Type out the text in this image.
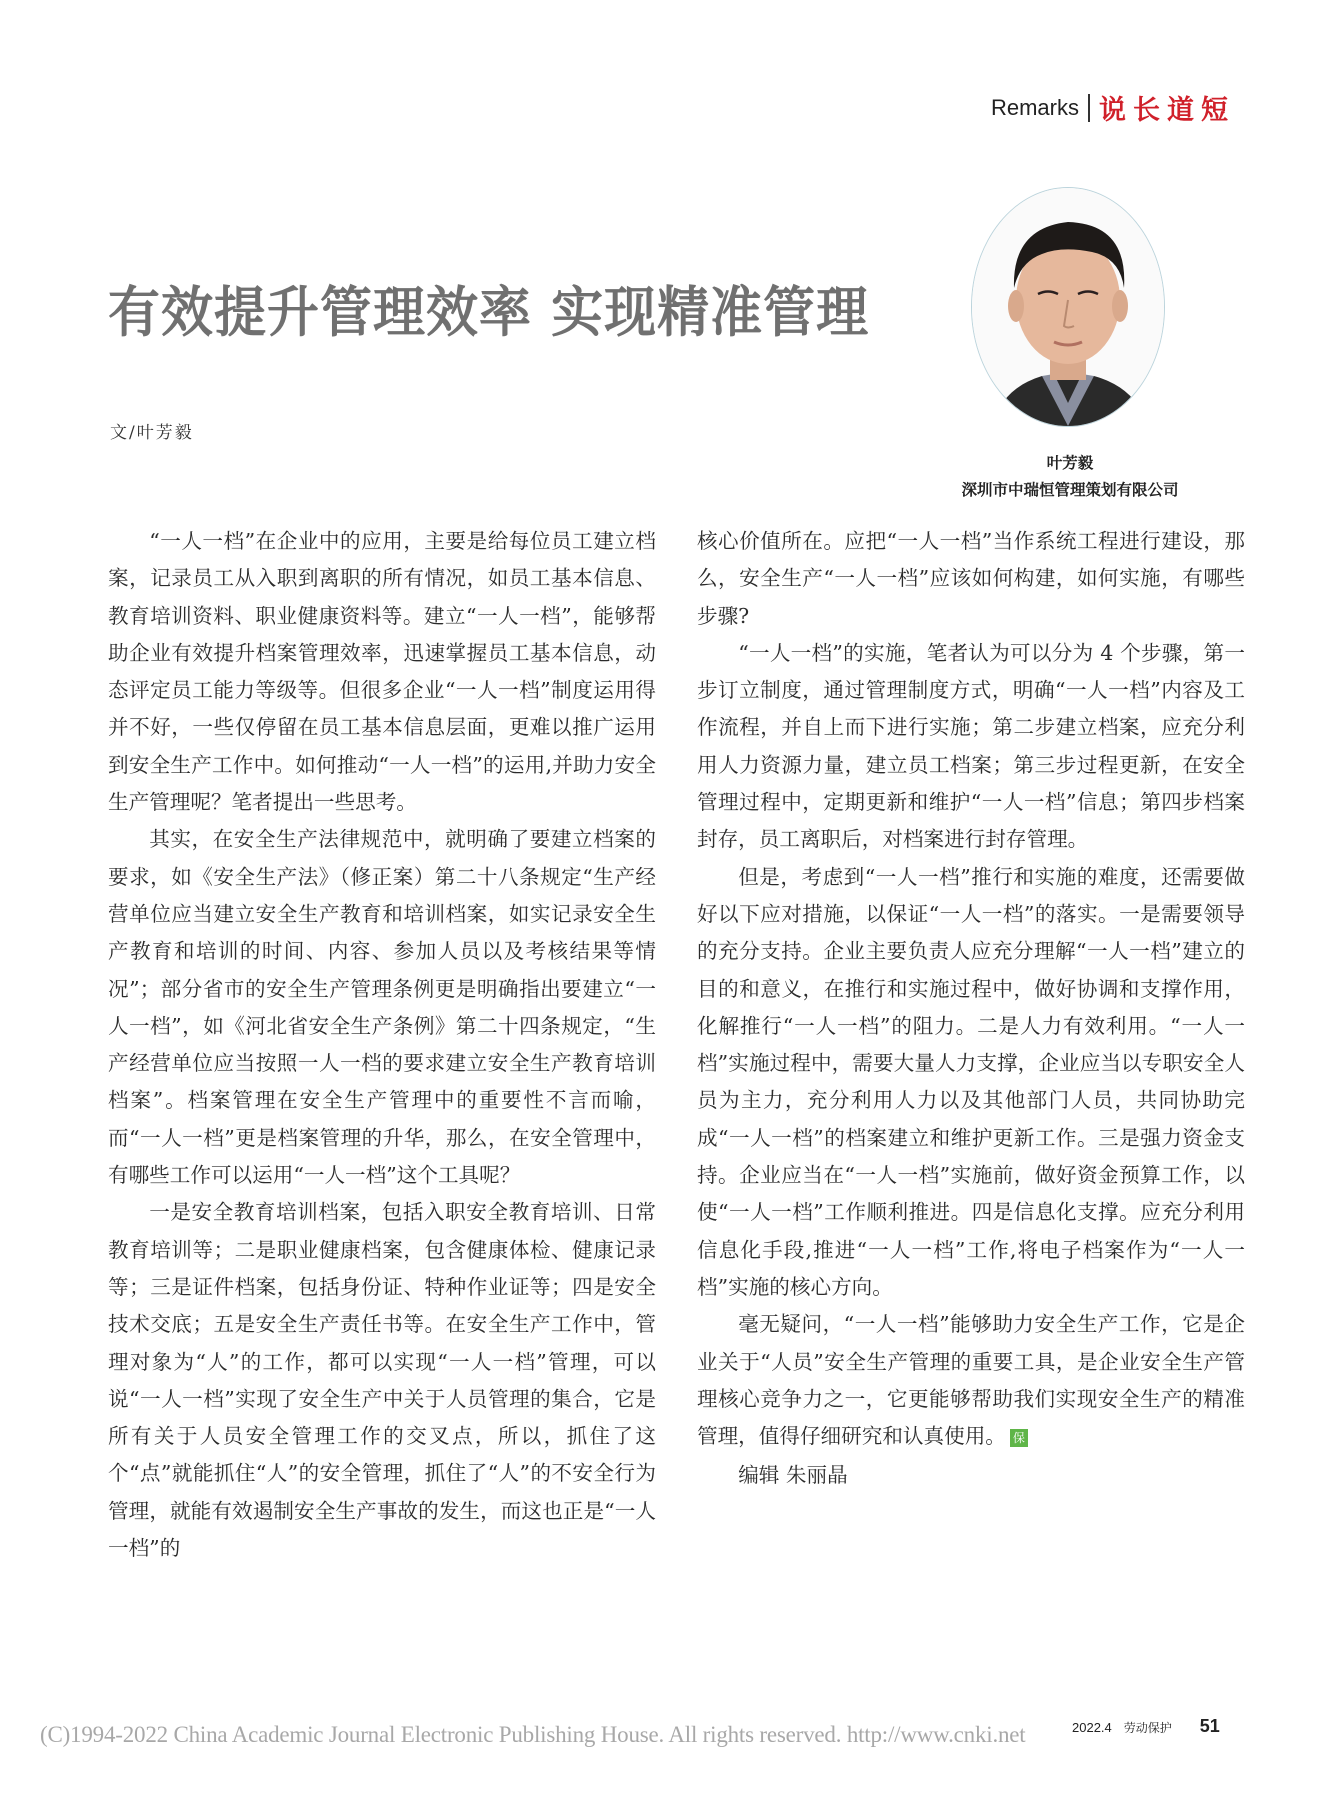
Remarks 说长道短
有效提升管理效率 实现精准管理
文/叶芳毅
叶芳毅
深圳市中瑞恒管理策划有限公司

“一人一档”在企业中的应用，主要是给每位员工建立档案，记录员工从入职到离职的所有情况，如员工基本信息、教育培训资料、职业健康资料等。建立“一人一档”，能够帮助企业有效提升档案管理效率，迅速掌握员工基本信息，动态评定员工能力等级等。但很多企业“一人一档”制度运用得并不好，一些仅停留在员工基本信息层面，更难以推广运用到安全生产工作中。如何推动“一人一档”的运用,并助力安全生产管理呢？笔者提出一些思考。

其实，在安全生产法律规范中，就明确了要建立档案的要求，如《安全生产法》（修正案）第二十八条规定“生产经营单位应当建立安全生产教育和培训档案，如实记录安全生产教育和培训的时间、内容、参加人员以及考核结果等情况”；部分省市的安全生产管理条例更是明确指出要建立“一人一档”，如《河北省安全生产条例》第二十四条规定，“生产经营单位应当按照一人一档的要求建立安全生产教育培训档案”。档案管理在安全生产管理中的重要性不言而喻，而“一人一档”更是档案管理的升华，那么，在安全管理中，有哪些工作可以运用“一人一档”这个工具呢？

一是安全教育培训档案，包括入职安全教育培训、日常教育培训等；二是职业健康档案，包含健康体检、健康记录等；三是证件档案，包括身份证、特种作业证等；四是安全技术交底；五是安全生产责任书等。在安全生产工作中，管理对象为“人”的工作，都可以实现“一人一档”管理，可以说“一人一档”实现了安全生产中关于人员管理的集合，它是所有关于人员安全管理工作的交叉点，所以，抓住了这个“点”就能抓住“人”的安全管理，抓住了“人”的不安全行为管理，就能有效遏制安全生产事故的发生，而这也正是“一人一档”的

核心价值所在。应把“一人一档”当作系统工程进行建设，那么，安全生产“一人一档”应该如何构建，如何实施，有哪些步骤?

“一人一档”的实施，笔者认为可以分为 4 个步骤，第一步订立制度，通过管理制度方式，明确“一人一档”内容及工作流程，并自上而下进行实施；第二步建立档案，应充分利用人力资源力量，建立员工档案；第三步过程更新，在安全管理过程中，定期更新和维护“一人一档”信息；第四步档案封存，员工离职后，对档案进行封存管理。

但是，考虑到“一人一档”推行和实施的难度，还需要做好以下应对措施，以保证“一人一档”的落实。一是需要领导的充分支持。企业主要负责人应充分理解“一人一档”建立的目的和意义，在推行和实施过程中，做好协调和支撑作用，化解推行“一人一档”的阻力。二是人力有效利用。“一人一档”实施过程中，需要大量人力支撑，企业应当以专职安全人员为主力，充分利用人力以及其他部门人员，共同协助完成“一人一档”的档案建立和维护更新工作。三是强力资金支持。企业应当在“一人一档”实施前，做好资金预算工作，以使“一人一档”工作顺利推进。四是信息化支撑。应充分利用信息化手段,推进“一人一档”工作,将电子档案作为“一人一档”实施的核心方向。

毫无疑问，“一人一档”能够助力安全生产工作，它是企业关于“人员”安全生产管理的重要工具，是企业安全生产管理核心竞争力之一，它更能够帮助我们实现安全生产的精准管理，值得仔细研究和认真使用。 保

编辑 朱丽晶

(C)1994-2022 China Academic Journal Electronic Publishing House. All rights reserved. http://www.cnki.net	2022.4 劳动保护 51
